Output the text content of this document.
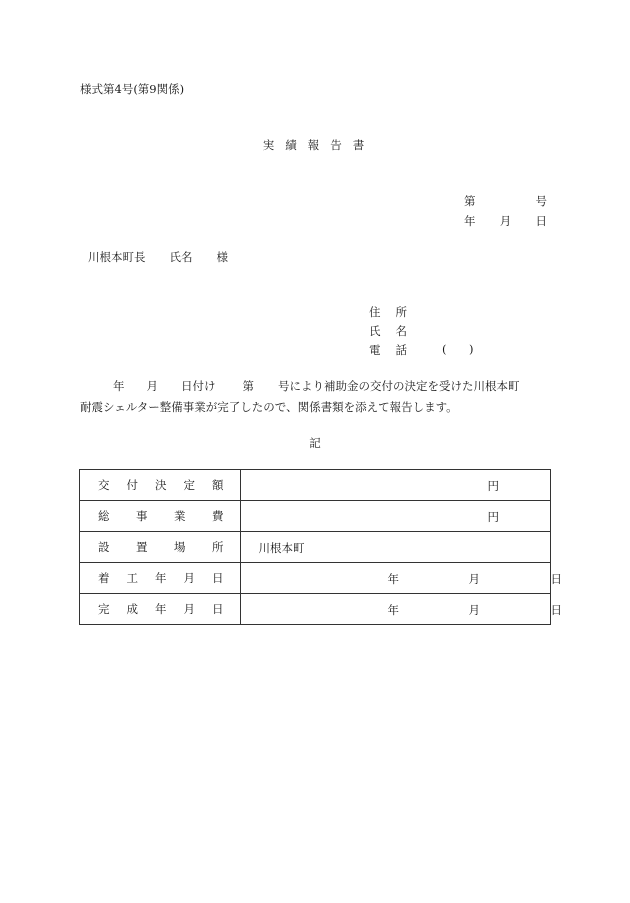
様式第4号(第9関係)
実績報告書
第	号
年 月 日
川根本町長 氏名 様
住 所
氏 名
電 話	( )
年 月 日付け 第 号により補助金の交付の決定を受けた川根本町
耐震シェルター整備事業が完了したので、関係書類を添えて報告します。
記
交 付 決 定 額	円

総 事 業 費	円

設 置 場 所	川根本町

着 工 年 月 日	年 月 日

完 成 年 月 日	年 月 日
